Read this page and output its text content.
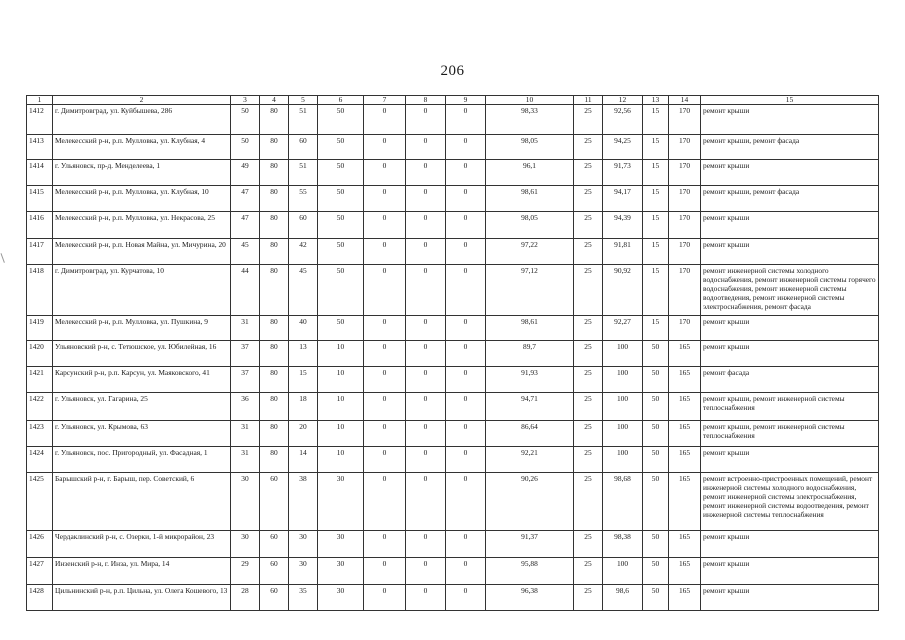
206
1	2	3	4	5	6	7	8	9	10	11	12	13	14	15
1412	г. Димитровград, ул. Куйбышева, 286	50	80	51	50	0	0	0	98,33	25	92,56	15	170	ремонт крыши
1413	Мелекесский р-н, р.п. Мулловка, ул. Клубная, 4	50	80	60	50	0	0	0	98,05	25	94,25	15	170	ремонт крыши, ремонт фасада
1414	г. Ульяновск, пр-д. Менделеева, 1	49	80	51	50	0	0	0	96,1	25	91,73	15	170	ремонт крыши
1415	Мелекесский р-н, р.п. Мулловка, ул. Клубная, 10	47	80	55	50	0	0	0	98,61	25	94,17	15	170	ремонт крыши, ремонт фасада
1416	Мелекесский р-н, р.п. Мулловка, ул. Некрасова, 25	47	80	60	50	0	0	0	98,05	25	94,39	15	170	ремонт крыши
1417	Мелекесский р-н, р.п. Новая Майна, ул. Мичурина, 20	45	80	42	50	0	0	0	97,22	25	91,81	15	170	ремонт крыши
1418	г. Димитровград, ул. Курчатова, 10	44	80	45	50	0	0	0	97,12	25	90,92	15	170	ремонт инженерной системы холодного водоснабжения, ремонт инженерной системы горячего водоснабжения, ремонт инженерной системы водоотведения, ремонт инженерной системы электроснабжения, ремонт фасада
1419	Мелекесский р-н, р.п. Мулловка, ул. Пушкина, 9	31	80	40	50	0	0	0	98,61	25	92,27	15	170	ремонт крыши
1420	Ульяновский р-н, с. Тетюшское, ул. Юбилейная, 16	37	80	13	10	0	0	0	89,7	25	100	50	165	ремонт крыши
1421	Карсунский р-н, р.п. Карсун, ул. Маяковского, 41	37	80	15	10	0	0	0	91,93	25	100	50	165	ремонт фасада
1422	г. Ульяновск, ул. Гагарина, 25	36	80	18	10	0	0	0	94,71	25	100	50	165	ремонт крыши, ремонт инженерной системы теплоснабжения
1423	г. Ульяновск, ул. Крымова, 63	31	80	20	10	0	0	0	86,64	25	100	50	165	ремонт крыши, ремонт инженерной системы теплоснабжения
1424	г. Ульяновск, пос. Пригородный, ул. Фасадная, 1	31	80	14	10	0	0	0	92,21	25	100	50	165	ремонт крыши
1425	Барышский р-н, г. Барыш, пер. Советский, 6	30	60	38	30	0	0	0	90,26	25	98,68	50	165	ремонт встроенно-пристроенных помещений, ремонт инженерной системы холодного водоснабжения, ремонт инженерной системы электроснабжения, ремонт инженерной системы водоотведения, ремонт инженерной системы теплоснабжения
1426	Чердаклинский р-н, с. Озерки, 1-й микрорайон, 23	30	60	30	30	0	0	0	91,37	25	98,38	50	165	ремонт крыши
1427	Инзенский р-н, г. Инза, ул. Мира, 14	29	60	30	30	0	0	0	95,88	25	100	50	165	ремонт крыши
1428	Цильнинский р-н, р.п. Цильна, ул. Олега Кошевого, 13	28	60	35	30	0	0	0	96,38	25	98,6	50	165	ремонт крыши
